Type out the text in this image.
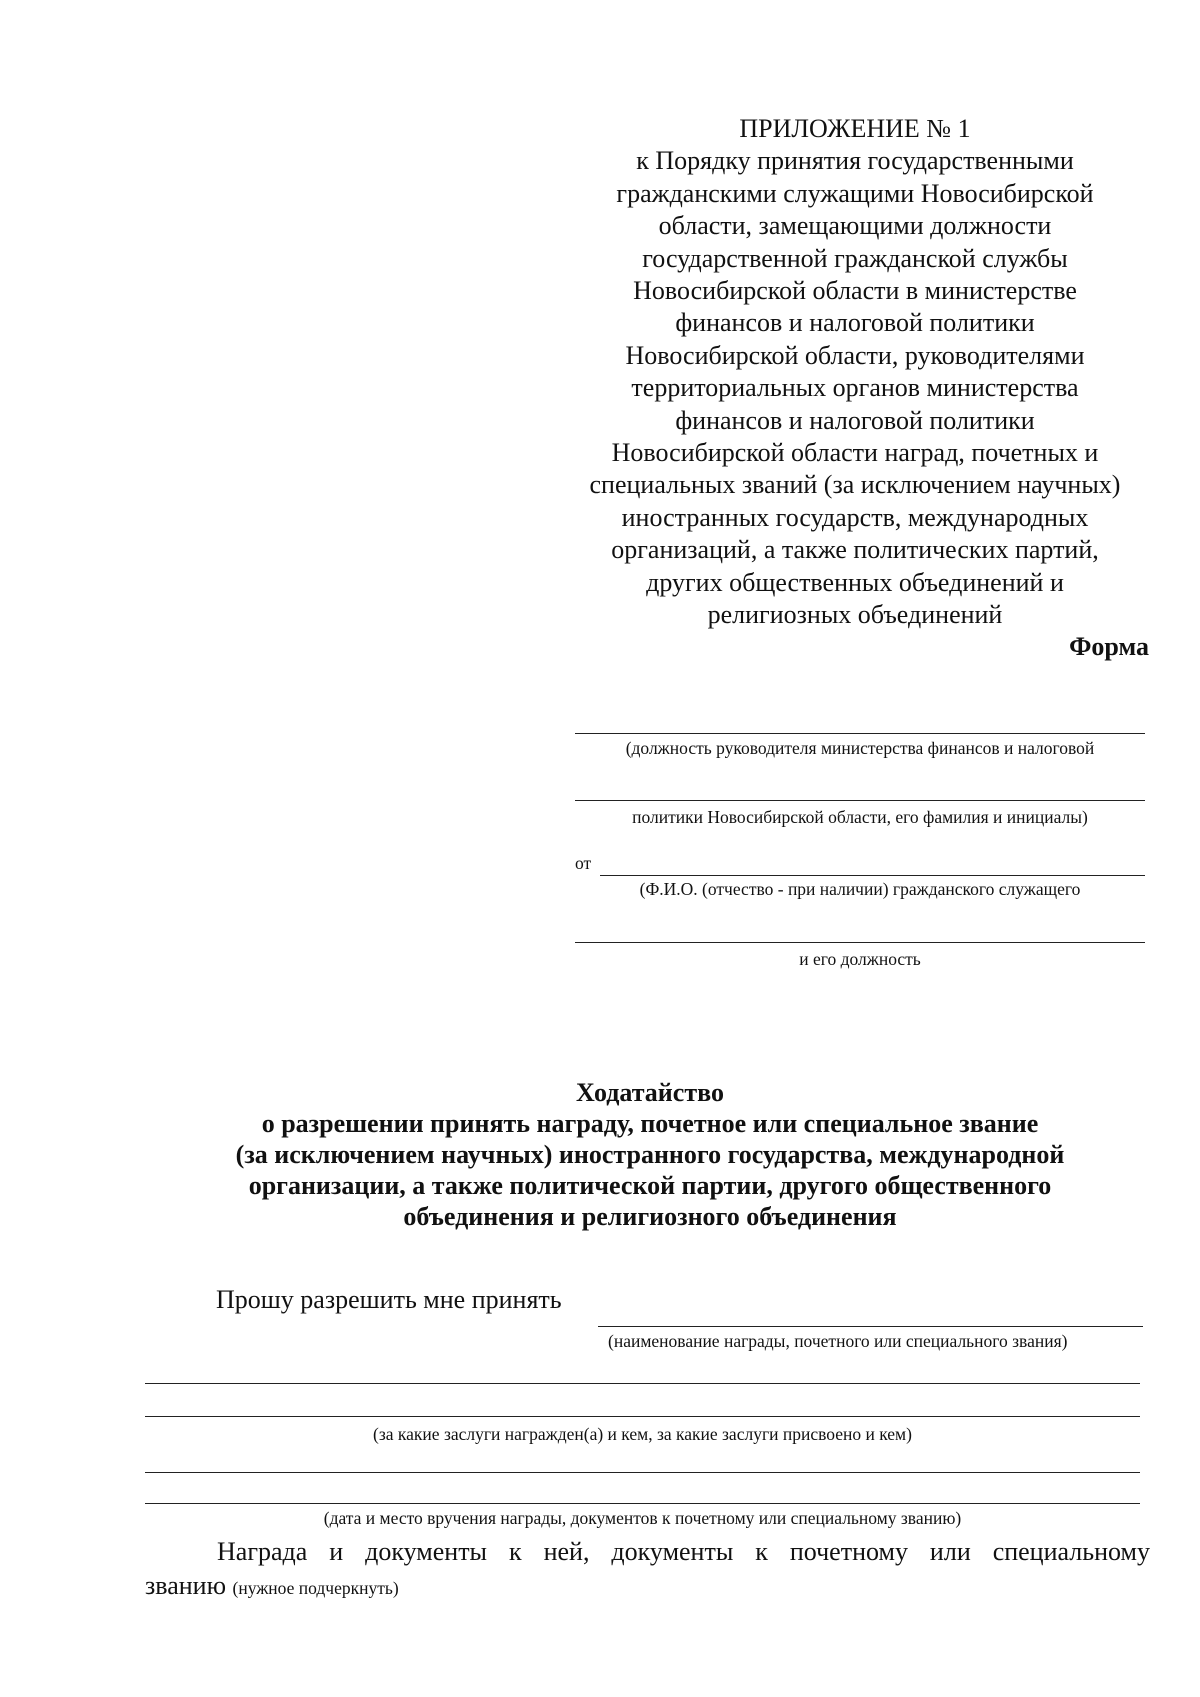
ПРИЛОЖЕНИЕ № 1
к Порядку принятия государственными
гражданскими служащими Новосибирской
области, замещающими должности
государственной гражданской службы
Новосибирской области в министерстве
финансов и налоговой политики
Новосибирской области, руководителями
территориальных органов министерства
финансов и налоговой политики
Новосибирской области наград, почетных и
специальных званий (за исключением научных)
иностранных государств, международных
организаций, а также политических партий,
других общественных объединений и
религиозных объединений
Форма
(должность руководителя министерства финансов и налоговой
политики Новосибирской области, его фамилия и инициалы)
от
(Ф.И.О. (отчество - при наличии) гражданского служащего
и его должность
Ходатайство
о разрешении принять награду, почетное или специальное звание
(за исключением научных) иностранного государства, международной
организации, а также политической партии, другого общественного
объединения и религиозного объединения
Прошу разрешить мне принять
(наименование награды, почетного или специального звания)
(за какие заслуги награжден(а) и кем, за какие заслуги присвоено и кем)
(дата и место вручения награды, документов к почетному или специальному званию)
Награда и документы к ней, документы к почетному или специальному
званию (нужное подчеркнуть)
